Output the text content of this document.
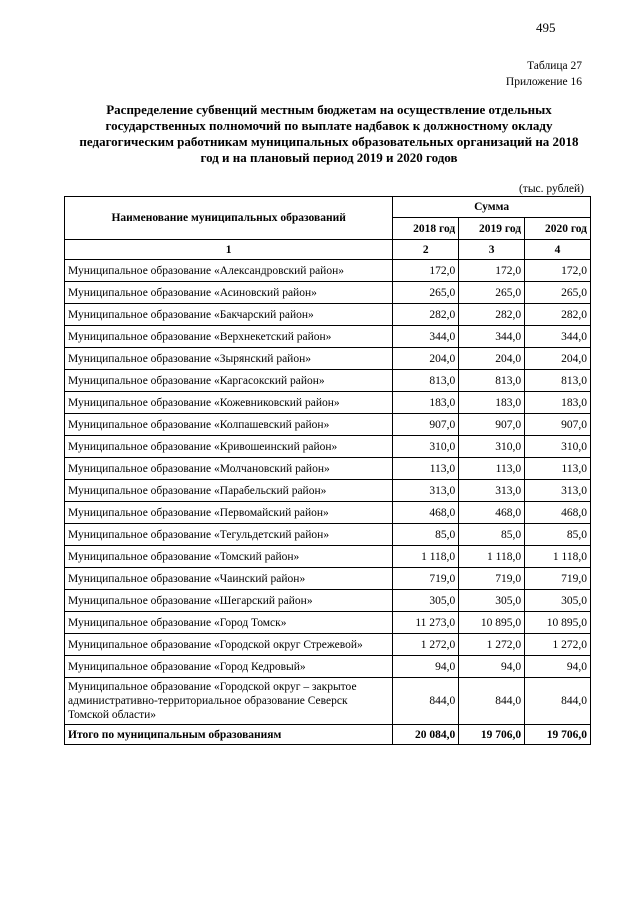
495
Таблица 27
Приложение 16
Распределение субвенций местным бюджетам на осуществление отдельных государственных полномочий по выплате надбавок к должностному окладу педагогическим работникам муниципальных образовательных организаций на 2018 год и на плановый период 2019 и 2020 годов
(тыс. рублей)
Наименование муниципальных образований	Сумма		
	2018 год	2019 год	2020 год
1	2	3	4
Муниципальное образование «Александровский район»	172,0	172,0	172,0
Муниципальное образование «Асиновский район»	265,0	265,0	265,0
Муниципальное образование «Бакчарский район»	282,0	282,0	282,0
Муниципальное образование «Верхнекетский район»	344,0	344,0	344,0
Муниципальное образование «Зырянский район»	204,0	204,0	204,0
Муниципальное образование «Каргасокский район»	813,0	813,0	813,0
Муниципальное образование «Кожевниковский район»	183,0	183,0	183,0
Муниципальное образование «Колпашевский район»	907,0	907,0	907,0
Муниципальное образование «Кривошеинский район»	310,0	310,0	310,0
Муниципальное образование «Молчановский район»	113,0	113,0	113,0
Муниципальное образование «Парабельский район»	313,0	313,0	313,0
Муниципальное образование «Первомайский район»	468,0	468,0	468,0
Муниципальное образование «Тегульдетский район»	85,0	85,0	85,0
Муниципальное образование «Томский район»	1 118,0	1 118,0	1 118,0
Муниципальное образование «Чаинский район»	719,0	719,0	719,0
Муниципальное образование «Шегарский район»	305,0	305,0	305,0
Муниципальное образование «Город Томск»	11 273,0	10 895,0	10 895,0
Муниципальное образование «Городской округ Стрежевой»	1 272,0	1 272,0	1 272,0
Муниципальное образование «Город Кедровый»	94,0	94,0	94,0
Муниципальное образование «Городской округ – закрытое административно-территориальное образование Северск Томской области»	844,0	844,0	844,0
Итого по муниципальным образованиям	20 084,0	19 706,0	19 706,0
